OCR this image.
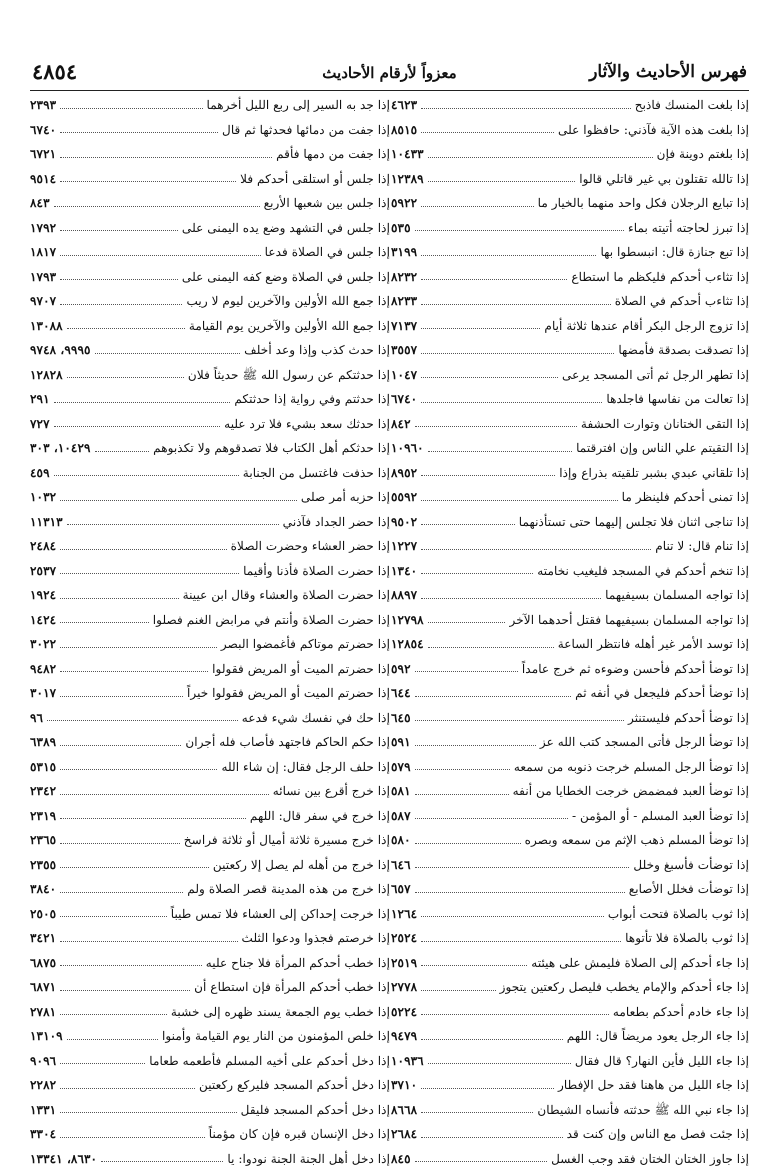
فهرس الأحاديث والآثار
معزواً لأرقام الأحاديث
٤٨٥٤
إذا بلغت المنسك فاذبح
٤٦٢٣
إذا بلغت هذه الآية فآذني: حافظوا على
٨٥١٥
إذا بلغتم دوينة فإن
١٠٤٣٣
إذا تالله تقتلون بي غير قاتلي قالوا
١٢٣٨٩
إذا تبايع الرجلان فكل واحد منهما بالخيار ما
٥٩٢٢
إذا تبرز لحاجته أتيته بماء
٥٣٥
إذا تبع جنازة قال: انبسطوا بها
٣١٩٩
إذا تثاءب أحدكم فليكظم ما استطاع
٨٢٣٢
إذا تثاءب أحدكم في الصلاة
٨٢٣٣
إذا تزوج الرجل البكر أقام عندها ثلاثة أيام
٧١٣٧
إذا تصدقت بصدقة فأمضها
٣٥٥٧
إذا تطهر الرجل ثم أتى المسجد يرعى
١٠٤٧
إذا تعالت من نفاسها فاجلدها
٦٧٤٠
إذا التقى الختانان وتوارت الحشفة
٨٤٢
إذا التقيتم علي الناس وإن افترقتما
١٠٩٦٠
إذا تلقاني عبدي بشبر تلقيته بذراع وإذا
٨٩٥٢
إذا تمنى أحدكم فلينظر ما
٥٥٩٢
إذا تناجى اثنان فلا تجلس إليهما حتى تستأذنهما
٩٥٠٢
إذا تنام قال: لا تنام
١٢٢٧
إذا تنخم أحدكم في المسجد فليغيب نخامته
١٣٤٠
إذا تواجه المسلمان بسيفيهما
٨٨٩٧
إذا تواجه المسلمان بسيفيهما فقتل أحدهما الآخر
١٢٧٩٨
إذا توسد الأمر غير أهله فانتظر الساعة
١٢٨٥٤
إذا توضأ أحدكم فأحسن وضوءه ثم خرج عامداً
٥٩٢
إذا توضأ أحدكم فليجعل في أنفه ثم
٦٤٤
إذا توضأ أحدكم فليستنثر
٦٤٥
إذا توضأ الرجل فأتى المسجد كتب الله عز
٥٩١
إذا توضأ الرجل المسلم خرجت ذنوبه من سمعه
٥٧٩
إذا توضأ العبد فمضمض خرجت الخطايا من أنفه
٥٨١
إذا توضأ العبد المسلم - أو المؤمن -
٥٨٧
إذا توضأ المسلم ذهب الإثم من سمعه وبصره
٥٨٠
إذا توضأت فأسبغ وخلل
٦٤٦
إذا توضأت فخلل الأصابع
٦٥٧
إذا ثوب بالصلاة فتحت أبواب
١٢٦٤
إذا ثوب بالصلاة فلا تأتوها
٢٥٢٤
إذا جاء أحدكم إلى الصلاة فليمش على هيئته
٢٥١٩
إذا جاء أحدكم والإمام يخطب فليصل ركعتين يتجوز
٢٧٧٨
إذا جاء خادم أحدكم بطعامه
٥٢٢٤
إذا جاء الرجل يعود مريضاً قال: اللهم
٩٤٧٩
إذا جاء الليل فأين النهار؟ قال فقال
١٠٩٣٦
إذا جاء الليل من هاهنا فقد حل الإفطار
٣٧١٠
إذا جاء نبي الله ﷺ حدثته فأنساه الشيطان
٨٦٦٨
إذا جئت فصل مع الناس وإن كنت قد
٢٦٨٤
إذا جاوز الختان الختان فقد وجب الغسل
٨٤٥
إذا جد به السير إلى ربع الليل أخرهما
٢٣٩٣
إذا جفت من دمائها فحدثها ثم قال
٦٧٤٠
إذا جفت من دمها فأقم
٦٧٢١
إذا جلس أو استلقى أحدكم فلا
٩٥١٤
إذا جلس بين شعبها الأربع
٨٤٣
إذا جلس في التشهد وضع يده اليمنى على
١٧٩٢
إذا جلس في الصلاة فدعا
١٨١٧
إذا جلس في الصلاة وضع كفه اليمنى على
١٧٩٣
إذا جمع الله الأولين والآخرين ليوم لا ريب
٩٧٠٧
إذا جمع الله الأولين والآخرين يوم القيامة
١٣٠٨٨
إذا حدث كذب وإذا وعد أخلف
٩٩٩٥، ٩٧٤٨
إذا حدثتكم عن رسول الله ﷺ حديثاً فلان
١٢٨٢٨
إذا حدثتم وفي رواية إذا حدثتكم
٢٩١
إذا حدثك سعد بشيء فلا ترد عليه
٧٢٧
إذا حدثكم أهل الكتاب فلا تصدقوهم ولا تكذبوهم
١٠٤٢٩، ٣٠٣
إذا حذفت فاغتسل من الجنابة
٤٥٩
إذا حزبه أمر صلى
١٠٣٢
إذا حضر الجداد فآذني
١١٣١٣
إذا حضر العشاء وحضرت الصلاة
٢٤٨٤
إذا حضرت الصلاة فأذنا وأقيما
٢٥٣٧
إذا حضرت الصلاة والعشاء وقال ابن عيينة
١٩٢٤
إذا حضرت الصلاة وأنتم في مرابض الغنم فصلوا
١٤٢٤
إذا حضرتم موتاكم فأغمضوا البصر
٣٠٢٢
إذا حضرتم الميت أو المريض فقولوا
٩٤٨٢
إذا حضرتم الميت أو المريض فقولوا خيراً
٣٠١٧
إذا حك في نفسك شيء فدعه
٩٦
إذا حكم الحاكم فاجتهد فأصاب فله أجران
٦٣٨٩
إذا حلف الرجل فقال: إن شاء الله
٥٣١٥
إذا خرج أقرع بين نسائه
٢٣٤٢
إذا خرج في سفر قال: اللهم
٢٣١٩
إذا خرج مسيرة ثلاثة أميال أو ثلاثة فراسخ
٢٣٦٥
إذا خرج من أهله لم يصل إلا ركعتين
٢٣٥٥
إذا خرج من هذه المدينة قصر الصلاة ولم
٣٨٤٠
إذا خرجت إحداكن إلى العشاء فلا تمس طيباً
٢٥٠٥
إذا خرصتم فجذوا ودعوا الثلث
٣٤٢١
إذا خطب أحدكم المرأة فلا جناح عليه
٦٨٧٥
إذا خطب أحدكم المرأة فإن استطاع أن
٦٨٧١
إذا خطب يوم الجمعة يسند ظهره إلى خشبة
٢٧٨١
إذا خلص المؤمنون من النار يوم القيامة وأمنوا
١٣١٠٩
إذا دخل أحدكم على أخيه المسلم فأطعمه طعاما
٩٠٩٦
إذا دخل أحدكم المسجد فليركع ركعتين
٢٢٨٢
إذا دخل أحدكم المسجد فليقل
١٣٣١
إذا دخل الإنسان قبره فإن كان مؤمناً
٣٣٠٤
إذا دخل أهل الجنة الجنة نودوا: يا
٨٦٣٠، ١٣٣٤١
